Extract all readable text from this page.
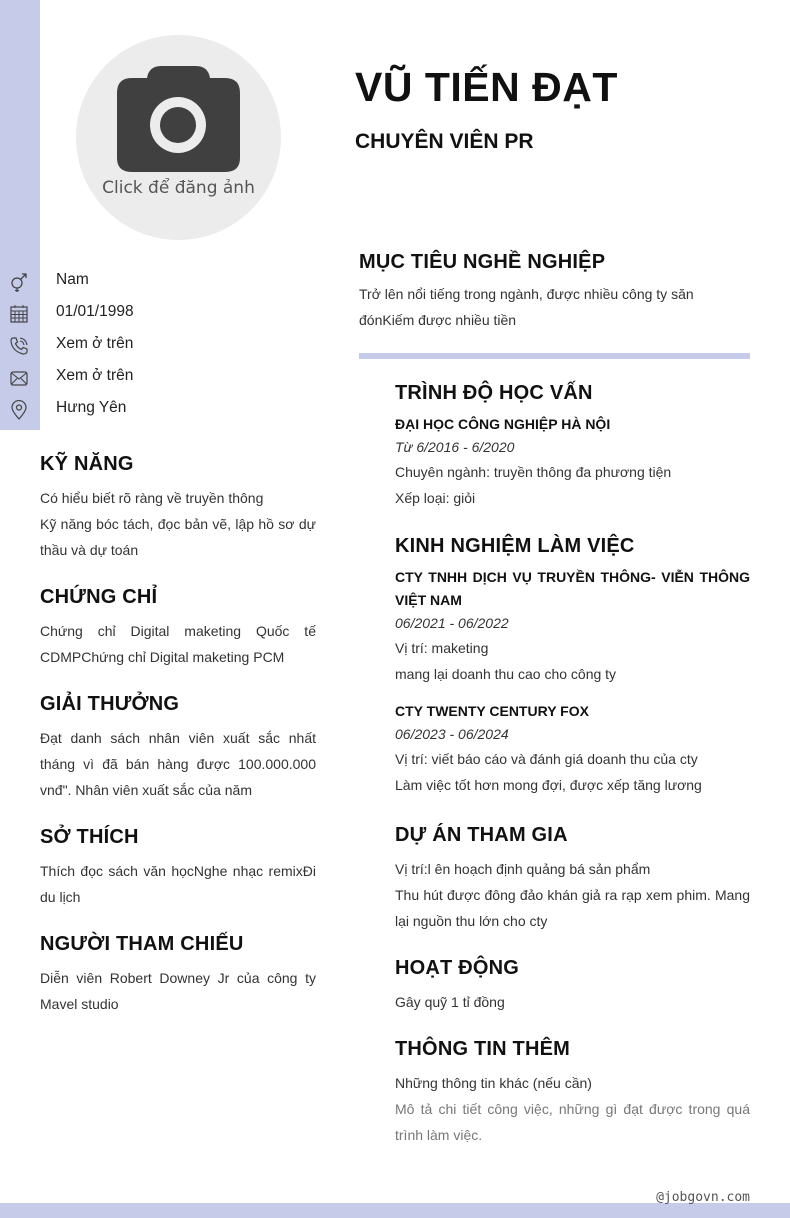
Click để đăng ảnh
VŨ TIẾN ĐẠT
CHUYÊN VIÊN PR
Nam
01/01/1998
Xem ở trên
Xem ở trên
Hưng Yên
KỸ NĂNG

Có hiểu biết rõ ràng về truyền thông

Kỹ năng bóc tách, đọc bản vẽ, lập hồ sơ dự thầu và dự toán

CHỨNG CHỈ

Chứng chỉ Digital maketing Quốc tế CDMPChứng chỉ Digital maketing PCM

GIẢI THƯỞNG

Đạt danh sách nhân viên xuất sắc nhất tháng vì đã bán hàng được 100.000.000 vnđ". Nhân viên xuất sắc của năm

SỞ THÍCH

Thích đọc sách văn họcNghe nhạc remixĐi du lịch

NGƯỜI THAM CHIẾU

Diễn viên Robert Downey Jr của công ty Mavel studio

MỤC TIÊU NGHỀ NGHIỆP

Trở lên nổi tiếng trong ngành, được nhiều công ty săn đónKiếm được nhiều tiền

TRÌNH ĐỘ HỌC VẤN

ĐẠI HỌC CÔNG NGHIỆP HÀ NỘI

Từ 6/2016 - 6/2020

Chuyên ngành: truyền thông đa phương tiện

Xếp loại: giỏi

KINH NGHIỆM LÀM VIỆC

CTY TNHH DỊCH VỤ TRUYỀN THÔNG- VIỄN THÔNG VIỆT NAM

06/2021 - 06/2022

Vị trí: maketing

mang lại doanh thu cao cho công ty

CTY TWENTY CENTURY FOX

06/2023 - 06/2024

Vị trí: viết báo cáo và đánh giá doanh thu của cty

Làm việc tốt hơn mong đợi, được xếp tăng lương

DỰ ÁN THAM GIA

Vị trí:l ên hoạch định quảng bá sản phẩm

Thu hút được đông đảo khán giả ra rạp xem phim. Mang lại nguồn thu lớn cho cty

HOẠT ĐỘNG

Gây quỹ 1 tỉ đồng

THÔNG TIN THÊM

Những thông tin khác (nếu cần)

Mô tả chi tiết công việc, những gì đạt được trong quá trình làm việc.

@jobgovn.com
